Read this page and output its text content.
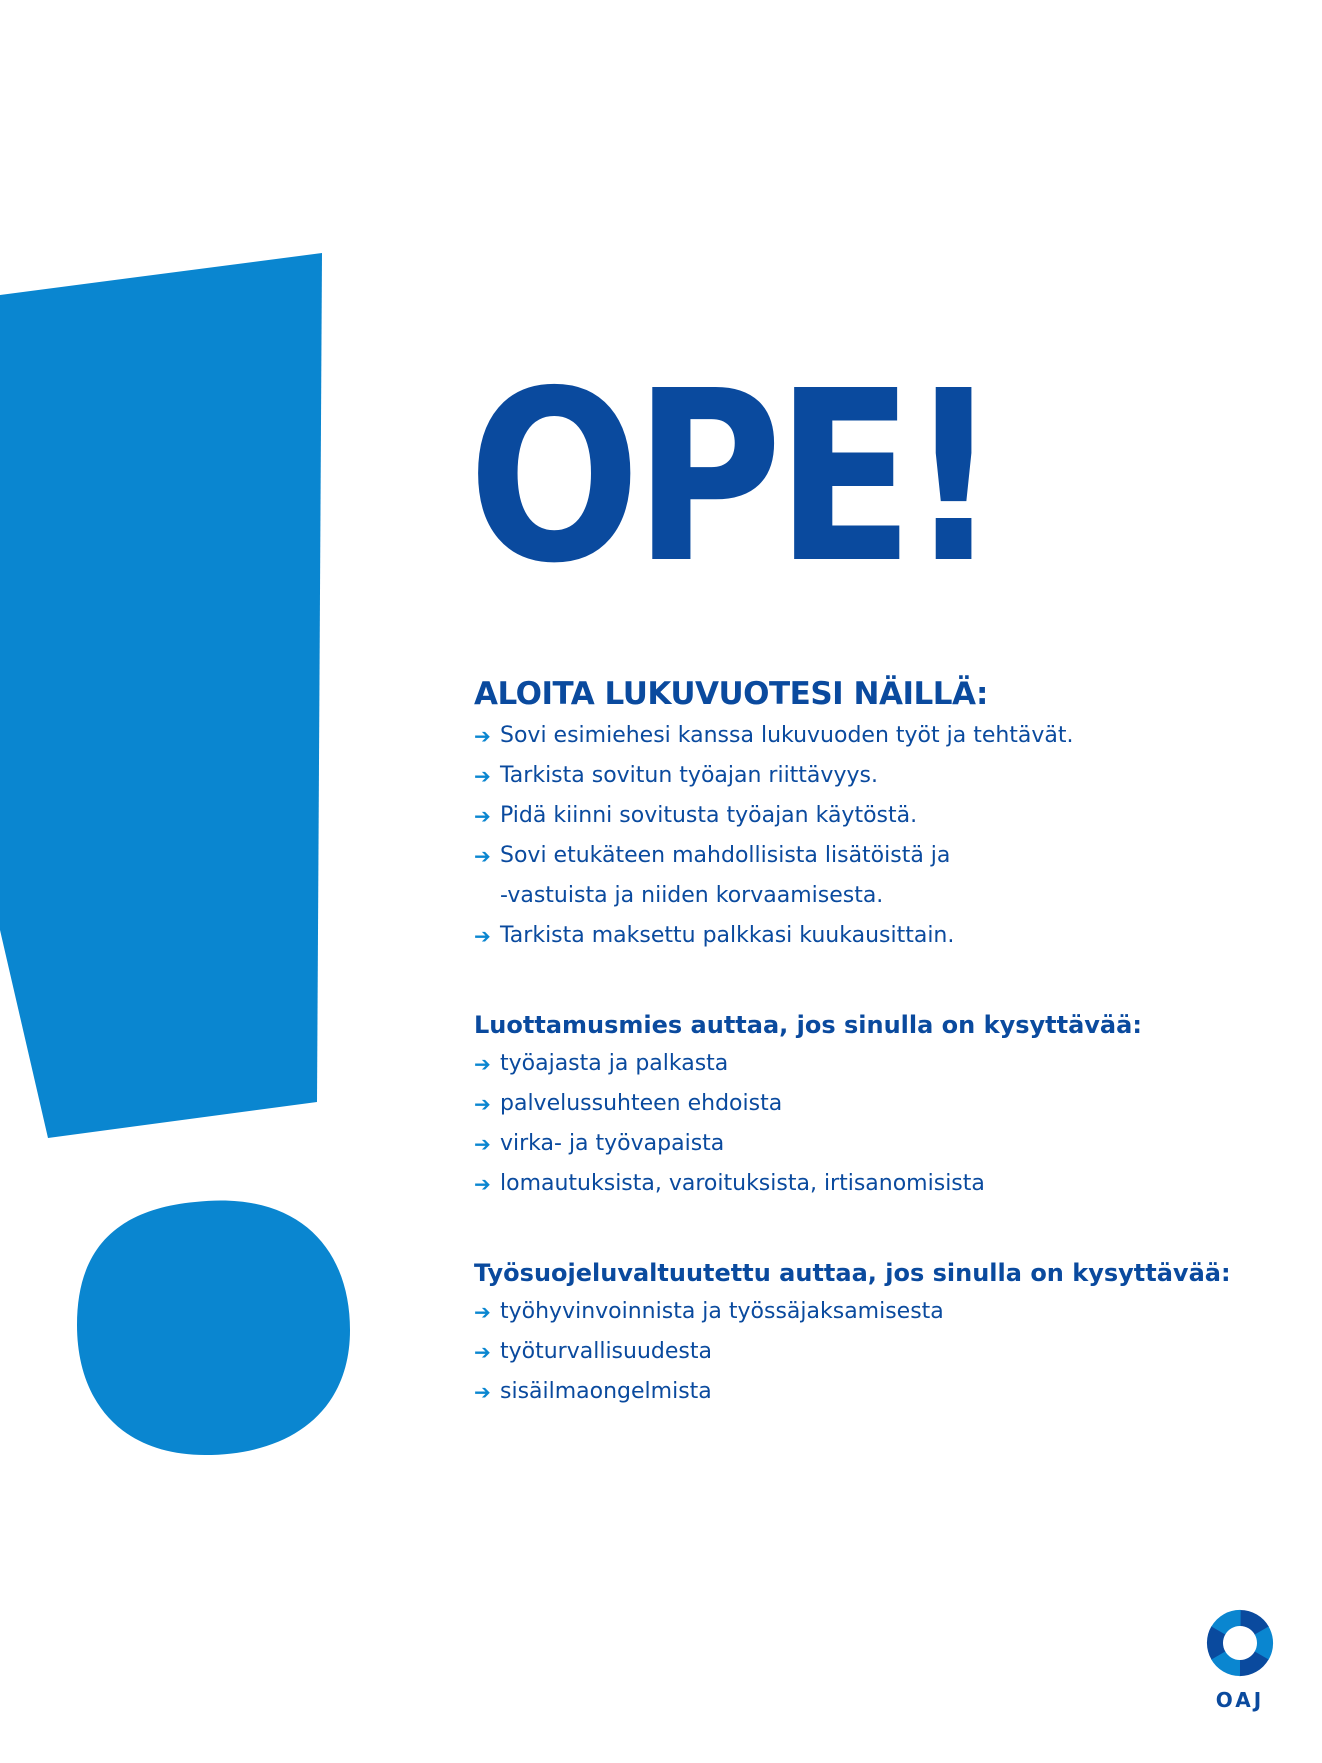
OPE!
ALOITA LUKUVUOTESI NÄILLÄ:
➔ Sovi esimiehesi kanssa lukuvuoden työt ja tehtävät.
➔ Tarkista sovitun työajan riittävyys.
➔ Pidä kiinni sovitusta työajan käytöstä.
➔ Sovi etukäteen mahdollisista lisätöistä ja
-vastuista ja niiden korvaamisesta.
➔ Tarkista maksettu palkkasi kuukausittain.
Luottamusmies auttaa, jos sinulla on kysyttävää:
➔ työajasta ja palkasta
➔ palvelussuhteen ehdoista
➔ virka- ja työvapaista
➔ lomautuksista, varoituksista, irtisanomisista
Työsuojeluvaltuutettu auttaa, jos sinulla on kysyttävää:
➔ työhyvinvoinnista ja työssäjaksamisesta
➔ työturvallisuudesta
➔ sisäilmaongelmista
OAJ
